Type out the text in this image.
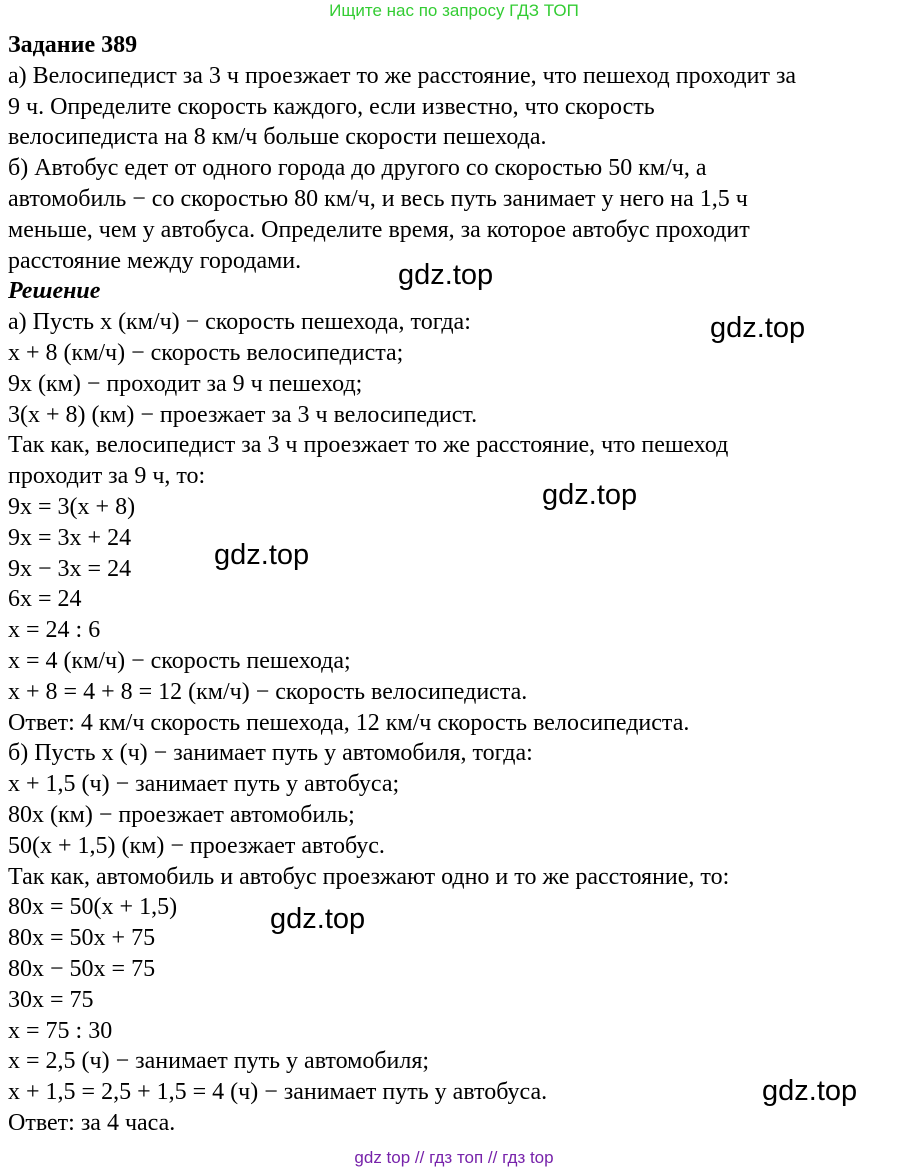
Ищите нас по запросу ГДЗ ТОП
Задание 389
а) Велосипедист за 3 ч проезжает то же расстояние, что пешеход проходит за
9 ч. Определите скорость каждого, если известно, что скорость
велосипедиста на 8 км/ч больше скорости пешехода.
б) Автобус едет от одного города до другого со скоростью 50 км/ч, а
автомобиль − со скоростью 80 км/ч, и весь путь занимает у него на 1,5 ч
меньше, чем у автобуса. Определите время, за которое автобус проходит
расстояние между городами.
Решение
а) Пусть x (км/ч) − скорость пешехода, тогда:
x + 8 (км/ч) − скорость велосипедиста;
9x (км) − проходит за 9 ч пешеход;
3(x + 8) (км) − проезжает за 3 ч велосипедист.
Так как, велосипедист за 3 ч проезжает то же расстояние, что пешеход
проходит за 9 ч, то:
9x = 3(x + 8)
9x = 3x + 24
9x − 3x = 24
6x = 24
x = 24 : 6
x = 4 (км/ч) − скорость пешехода;
x + 8 = 4 + 8 = 12 (км/ч) − скорость велосипедиста.
Ответ: 4 км/ч скорость пешехода, 12 км/ч скорость велосипедиста.
б) Пусть x (ч) − занимает путь у автомобиля, тогда:
x + 1,5 (ч) − занимает путь у автобуса;
80x (км) − проезжает автомобиль;
50(x + 1,5) (км) − проезжает автобус.
Так как, автомобиль и автобус проезжают одно и то же расстояние, то:
80x = 50(x + 1,5)
80x = 50x + 75
80x − 50x = 75
30x = 75
x = 75 : 30
x = 2,5 (ч) − занимает путь у автомобиля;
x + 1,5 = 2,5 + 1,5 = 4 (ч) − занимает путь у автобуса.
Ответ: за 4 часа.
gdz.top
gdz.top
gdz.top
gdz.top
gdz.top
gdz.top
gdz top // гдз топ // гдз top
